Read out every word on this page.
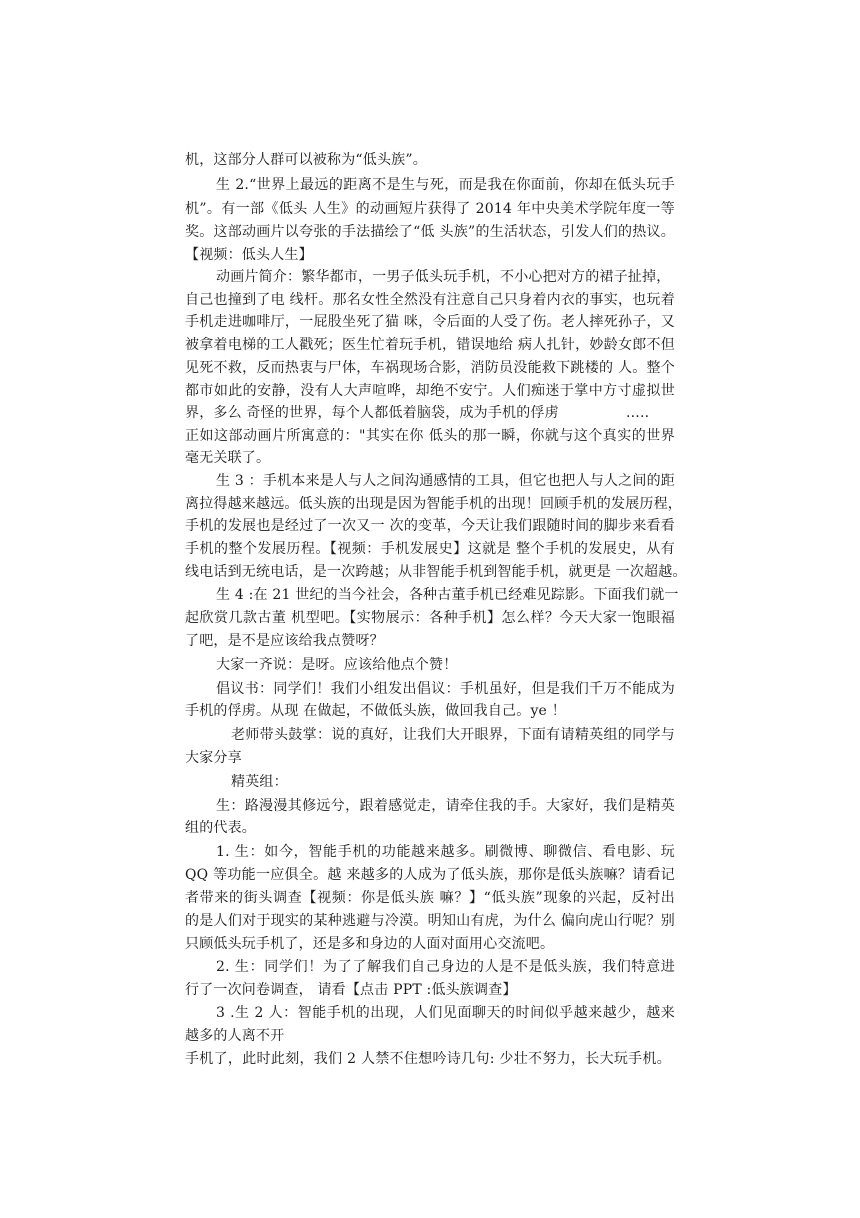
机，这部分人群可以被称为“低头族”。
生 2.“世界上最远的距离不是生与死，而是我在你面前，你却在低头玩手
机”。有一部《低头 人生》的动画短片获得了 2014 年中央美术学院年度一等
奖。这部动画片以夸张的手法描绘了“低 头族”的生活状态，引发人们的热议。
【视频：低头人生】
动画片简介：繁华都市，一男子低头玩手机，不小心把对方的裙子扯掉，
自己也撞到了电 线杆。那名女性全然没有注意自己只身着内衣的事实，也玩着
手机走进咖啡厅，一屁股坐死了猫 咪，令后面的人受了伤。老人摔死孙子，又
被拿着电梯的工人戳死；医生忙着玩手机，错误地给 病人扎针，妙龄女郎不但
见死不救，反而热衷与尸体，车祸现场合影，消防员没能救下跳楼的 人。整个
都市如此的安静，没有人大声喧哗，却绝不安宁。人们痴迷于掌中方寸虚拟世
界，多么 奇怪的世界，每个人都低着脑袋，成为手机的俘虏	.....
正如这部动画片所寓意的："其实在你 低头的那一瞬，你就与这个真实的世界
毫无关联了。
生 3 ：手机本来是人与人之间沟通感情的工具，但它也把人与人之间的距
离拉得越来越远。低头族的出现是因为智能手机的出现！回顾手机的发展历程，
手机的发展也是经过了一次又一 次的变革，今天让我们跟随时间的脚步来看看
手机的整个发展历程。【视频：手机发展史】这就是 整个手机的发展史，从有
线电话到无统电话，是一次跨越；从非智能手机到智能手机，就更是 一次超越。
生 4 :在 21 世纪的当今社会，各种古董手机已经难见踪影。下面我们就一
起欣赏几款古董 机型吧。【实物展示：各种手机】怎么样？今天大家一饱眼福
了吧，是不是应该给我点赞呀？
大家一齐说：是呀。应该给他点个赞！
倡议书：同学们！我们小组发出倡议：手机虽好，但是我们千万不能成为
手机的俘虏。从现 在做起，不做低头族，做回我自己。ye ！
老师带头鼓掌：说的真好，让我们大开眼界，下面有请精英组的同学与
大家分享
精英组：
生：路漫漫其修远兮，跟着感觉走，请牵住我的手。大家好，我们是精英
组的代表。
1. 生：如今，智能手机的功能越来越多。刷微博、聊微信、看电影、玩
QQ 等功能一应俱全。越 来越多的人成为了低头族，那你是低头族嘛？请看记
者带来的街头调查【视频：你是低头族 嘛？】“低头族”现象的兴起，反衬出
的是人们对于现实的某种逃避与冷漠。明知山有虎，为什么 偏向虎山行呢？别
只顾低头玩手机了，还是多和身边的人面对面用心交流吧。
2. 生：同学们！为了了解我们自己身边的人是不是低头族，我们特意进
行了一次问卷调查， 请看【点击 PPT :低头族调查】
3 .生 2 人：智能手机的出现，人们见面聊天的时间似乎越来越少，越来
越多的人离不开
手机了，此时此刻，我们 2 人禁不住想吟诗几句: 少壮不努力，长大玩手机。
